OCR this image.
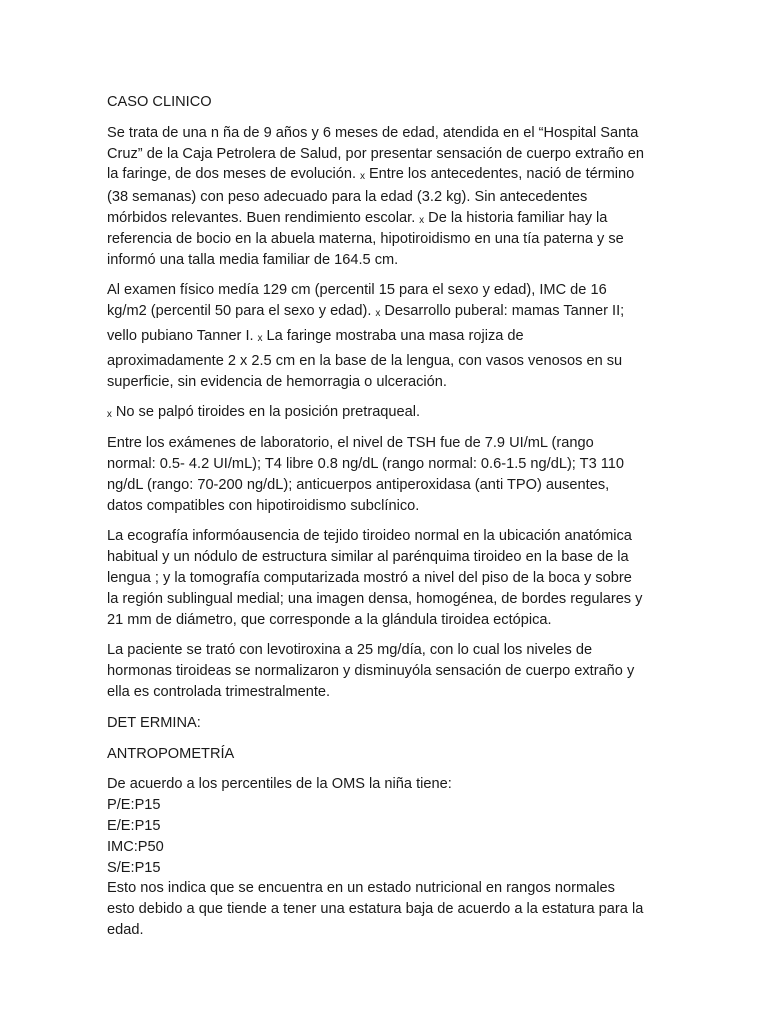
CASO CLINICO

Se trata de una n ña de 9 años y 6 meses de edad, atendida en el “Hospital Santa
Cruz” de la Caja Petrolera de Salud, por presentar sensación de cuerpo extraño en
la faringe, de dos meses de evolución. ₓ Entre los antecedentes, nació de término
(38 semanas) con peso adecuado para la edad (3.2 kg). Sin antecedentes
mórbidos relevantes. Buen rendimiento escolar. ₓ De la historia familiar hay la
referencia de bocio en la abuela materna, hipotiroidismo en una tía paterna y se
informó una talla media familiar de 164.5 cm.

Al examen físico medía 129 cm (percentil 15 para el sexo y edad), IMC de 16
kg/m2 (percentil 50 para el sexo y edad). ₓ Desarrollo puberal: mamas Tanner II;
vello pubiano Tanner I. ₓ La faringe mostraba una masa rojiza de
aproximadamente 2 x 2.5 cm en la base de la lengua, con vasos venosos en su
superficie, sin evidencia de hemorragia o ulceración.

ₓ No se palpó tiroides en la posición pretraqueal.

Entre los exámenes de laboratorio, el nivel de TSH fue de 7.9 UI/mL (rango
normal: 0.5- 4.2 UI/mL); T4 libre 0.8 ng/dL (rango normal: 0.6-1.5 ng/dL); T3 110
ng/dL (rango: 70-200 ng/dL); anticuerpos antiperoxidasa (anti TPO) ausentes,
datos compatibles con hipotiroidismo subclínico.

La ecografía informóausencia de tejido tiroideo normal en la ubicación anatómica
habitual y un nódulo de estructura similar al parénquima tiroideo en la base de la
lengua ; y la tomografía computarizada mostró a nivel del piso de la boca y sobre
la región sublingual medial; una imagen densa, homogénea, de bordes regulares y
21 mm de diámetro, que corresponde a la glándula tiroidea ectópica.

La paciente se trató con levotiroxina a 25 mg/día, con lo cual los niveles de
hormonas tiroideas se normalizaron y disminuyóla sensación de cuerpo extraño y
ella es controlada trimestralmente.

DET ERMINA:

ANTROPOMETRÍA

De acuerdo a los percentiles de la OMS la niña tiene:
P/E:P15
E/E:P15
IMC:P50
S/E:P15
Esto nos indica que se encuentra en un estado nutricional en rangos normales
esto debido a que tiende a tener una estatura baja de acuerdo a la estatura para la
edad.
